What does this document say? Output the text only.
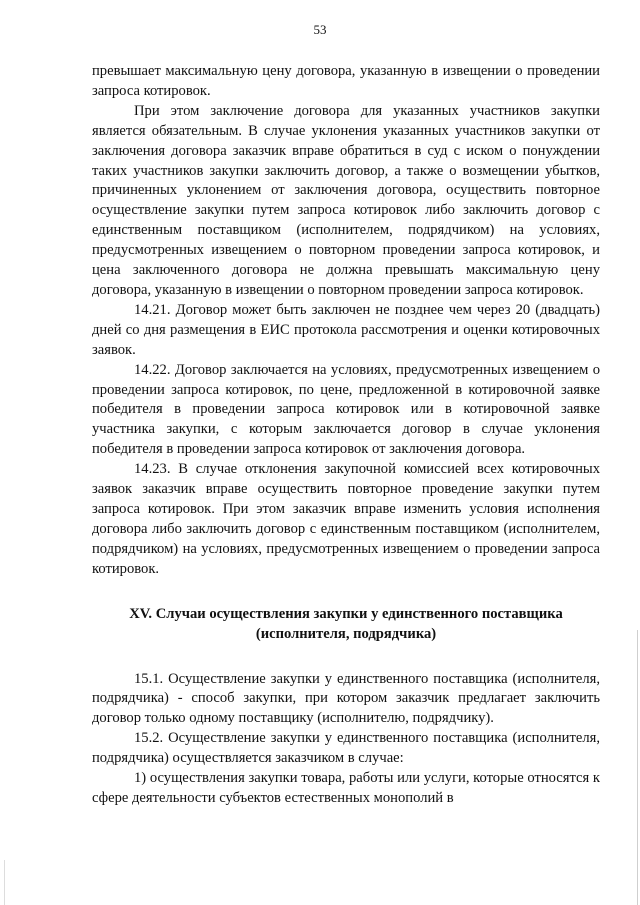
53

превышает максимальную цену договора, указанную в извещении о проведении запроса котировок.

При этом заключение договора для указанных участников закупки является обязательным. В случае уклонения указанных участников закупки от заключения договора заказчик вправе обратиться в суд с иском о понуждении таких участников закупки заключить договор, а также о возмещении убытков, причиненных уклонением от заключения договора, осуществить повторное осуществление закупки путем запроса котировок либо заключить договор с единственным поставщиком (исполнителем, подрядчиком) на условиях, предусмотренных извещением о повторном проведении запроса котировок, и цена заключенного договора не должна превышать максимальную цену договора, указанную в извещении о повторном проведении запроса котировок.

14.21. Договор может быть заключен не позднее чем через 20 (двадцать) дней со дня размещения в ЕИС протокола рассмотрения и оценки котировочных заявок.

14.22. Договор заключается на условиях, предусмотренных извещением о проведении запроса котировок, по цене, предложенной в котировочной заявке победителя в проведении запроса котировок или в котировочной заявке участника закупки, с которым заключается договор в случае уклонения победителя в проведении запроса котировок от заключения договора.

14.23. В случае отклонения закупочной комиссией всех котировочных заявок заказчик вправе осуществить повторное проведение закупки путем запроса котировок. При этом заказчик вправе изменить условия исполнения договора либо заключить договор с единственным поставщиком (исполнителем, подрядчиком) на условиях, предусмотренных извещением о проведении запроса котировок.

XV. Случаи осуществления закупки у единственного поставщика
(исполнителя, подрядчика)

15.1. Осуществление закупки у единственного поставщика (исполнителя, подрядчика) - способ закупки, при котором заказчик предлагает заключить договор только одному поставщику (исполнителю, подрядчику).

15.2. Осуществление закупки у единственного поставщика (исполнителя, подрядчика) осуществляется заказчиком в случае:

1) осуществления закупки товара, работы или услуги, которые относятся к сфере деятельности субъектов естественных монополий в
